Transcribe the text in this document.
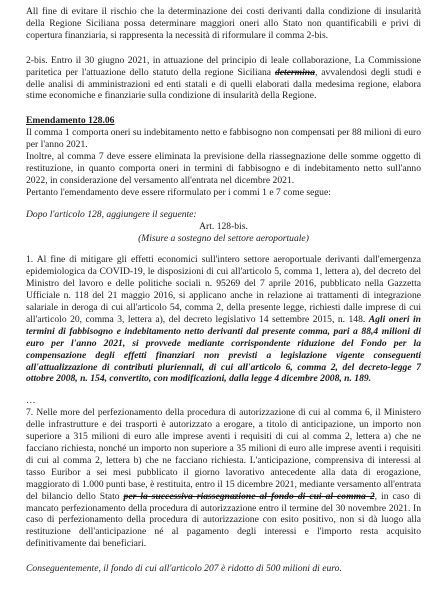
All fine di evitare il rischio che la determinazione dei costi derivanti dalla condizione di insularità della Regione Siciliana possa determinare maggiori oneri allo Stato non quantificabili e privi di copertura finanziaria, si rappresenta la necessità di riformulare il comma 2-bis.

2-bis. Entro il 30 giugno 2021, in attuazione del principio di leale collaborazione, La Commissione paritetica per l'attuazione dello statuto della regione Siciliana determina, avvalendosi degli studi e delle analisi di amministrazioni ed enti statali e di quelli elaborati dalla medesima regione, elabora stime economiche e finanziarie sulla condizione di insularità della Regione.

Emendamento 128.06

Il comma 1 comporta oneri su indebitamento netto e fabbisogno non compensati per 88 milioni di euro per l'anno 2021.

Inoltre, al comma 7 deve essere eliminata la previsione della riassegnazione delle somme oggetto di restituzione, in quanto comporta oneri in termini di fabbisogno e di indebitamento netto sull'anno 2022, in considerazione del versamento all'entrata nel dicembre 2021.

Pertanto l'emendamento deve essere riformulato per i commi 1 e 7 come segue:

Dopo l'articolo 128, aggiungere il seguente:

Art. 128-bis.

(Misure a sostegno del settore aeroportuale)

1. Al fine di mitigare gli effetti economici sull'intero settore aeroportuale derivanti dall'emergenza epidemiologica da COVID-19, le disposizioni di cui all'articolo 5, comma 1, lettera a), del decreto del Ministro del lavoro e delle politiche sociali n. 95269 del 7 aprile 2016, pubblicato nella Gazzetta Ufficiale n. 118 del 21 maggio 2016, si applicano anche in relazione ai trattamenti di integrazione salariale in deroga di cui all'articolo 54, comma 2, della presente legge, richiesti dalle imprese di cui all'articolo 20, comma 3, lettera a), del decreto legislativo 14 settembre 2015, n. 148. Agli oneri in termini di fabbisogno e indebitamento netto derivanti dal presente comma, pari a 88,4 milioni di euro per l'anno 2021, si provvede mediante corrispondente riduzione del Fondo per la compensazione degli effetti finanziari non previsti a legislazione vigente conseguenti all'attualizzazione di contributi pluriennali, di cui all'articolo 6, comma 2, del decreto-legge 7 ottobre 2008, n. 154, convertito, con modificazioni, dalla legge 4 dicembre 2008, n. 189.

…

7. Nelle more del perfezionamento della procedura di autorizzazione di cui al comma 6, il Ministero delle infrastrutture e dei trasporti è autorizzato a erogare, a titolo di anticipazione, un importo non superiore a 315 milioni di euro alle imprese aventi i requisiti di cui al comma 2, lettera a) che ne facciano richiesta, nonché un importo non superiore a 35 milioni di euro alle imprese aventi i requisiti di cui al comma 2, lettera b) che ne facciano richiesta. L'anticipazione, comprensiva di interessi al tasso Euribor a sei mesi pubblicato il giorno lavorativo antecedente alla data di erogazione, maggiorato di 1.000 punti base, è restituita, entro il 15 dicembre 2021, mediante versamento all'entrata del bilancio dello Stato per la successiva riassegnazione al fondo di cui al comma 2, in caso di mancato perfezionamento della procedura di autorizzazione entro il termine del 30 novembre 2021. In caso di perfezionamento della procedura di autorizzazione con esito positivo, non si dà luogo alla restituzione dell'anticipazione né al pagamento degli interessi e l'importo resta acquisito definitivamente dai beneficiari.

Conseguentemente, il fondo di cui all'articolo 207 è ridotto di 500 milioni di euro.
